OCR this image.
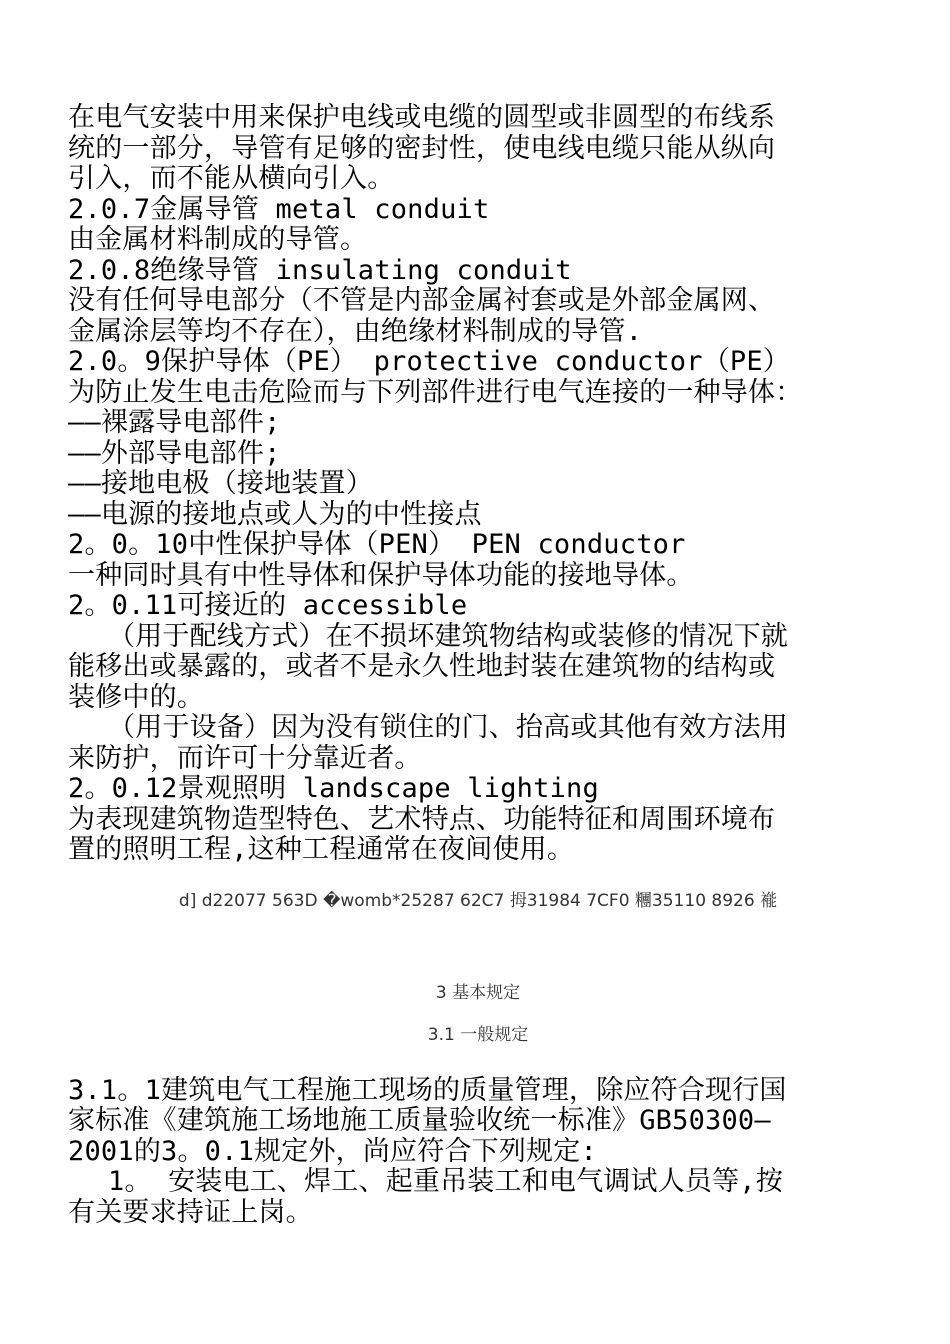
在电气安装中用来保护电线或电缆的圆型或非圆型的布线系
统的一部分，导管有足够的密封性，使电线电缆只能从纵向
引入，而不能从横向引入。
2.0.7金属导管 metal conduit
由金属材料制成的导管。
2.0.8绝缘导管 insulating conduit
没有任何导电部分（不管是内部金属衬套或是外部金属网、
金属涂层等均不存在），由绝缘材料制成的导管.
2.0。9保护导体（PE） protective conductor（PE）
为防止发生电击危险而与下列部件进行电气连接的一种导体：
——裸露导电部件;
——外部导电部件;
——接地电极（接地装置）
——电源的接地点或人为的中性接点
2。0。10中性保护导体（PEN） PEN conductor
一种同时具有中性导体和保护导体功能的接地导体。
2。0.11可接近的 accessible
（用于配线方式）在不损坏建筑物结构或装修的情况下就
能移出或暴露的，或者不是永久性地封装在建筑物的结构或
装修中的。
（用于设备）因为没有锁住的门、抬高或其他有效方法用
来防护，而许可十分靠近者。
2。0.12景观照明 landscape lighting
为表现建筑物造型特色、艺术特点、功能特征和周围环境布
置的照明工程,这种工程通常在夜间使用。
d] d22077 563D �womb*25287 62C7 拇31984 7CF0 糰35110 8926 褦
3 基本规定
3.1 一般规定
3.1。1建筑电气工程施工现场的质量管理，除应符合现行国
家标准《建筑施工场地施工质量验收统一标准》GB50300—
2001的3。0.1规定外，尚应符合下列规定:
1。 安装电工、焊工、起重吊装工和电气调试人员等,按
有关要求持证上岗。
